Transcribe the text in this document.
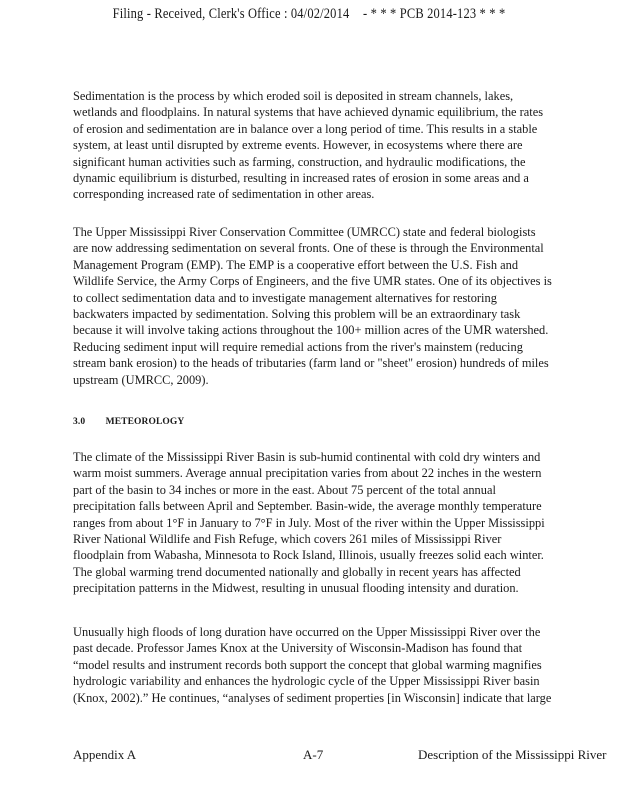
Filing - Received, Clerk's Office : 04/02/2014 - * * * PCB 2014-123 * * *

Sedimentation is the process by which eroded soil is deposited in stream channels, lakes, wetlands and floodplains. In natural systems that have achieved dynamic equilibrium, the rates of erosion and sedimentation are in balance over a long period of time. This results in a stable system, at least until disrupted by extreme events. However, in ecosystems where there are significant human activities such as farming, construction, and hydraulic modifications, the dynamic equilibrium is disturbed, resulting in increased rates of erosion in some areas and a corresponding increased rate of sedimentation in other areas.

The Upper Mississippi River Conservation Committee (UMRCC) state and federal biologists are now addressing sedimentation on several fronts. One of these is through the Environmental Management Program (EMP). The EMP is a cooperative effort between the U.S. Fish and Wildlife Service, the Army Corps of Engineers, and the five UMR states. One of its objectives is to collect sedimentation data and to investigate management alternatives for restoring backwaters impacted by sedimentation. Solving this problem will be an extraordinary task because it will involve taking actions throughout the 100+ million acres of the UMR watershed. Reducing sediment input will require remedial actions from the river's mainstem (reducing stream bank erosion) to the heads of tributaries (farm land or "sheet" erosion) hundreds of miles upstream (UMRCC, 2009).

3.0 METEOROLOGY

The climate of the Mississippi River Basin is sub-humid continental with cold dry winters and warm moist summers. Average annual precipitation varies from about 22 inches in the western part of the basin to 34 inches or more in the east. About 75 percent of the total annual precipitation falls between April and September. Basin-wide, the average monthly temperature ranges from about 1°F in January to 7°F in July. Most of the river within the Upper Mississippi River National Wildlife and Fish Refuge, which covers 261 miles of Mississippi River floodplain from Wabasha, Minnesota to Rock Island, Illinois, usually freezes solid each winter. The global warming trend documented nationally and globally in recent years has affected precipitation patterns in the Midwest, resulting in unusual flooding intensity and duration.

Unusually high floods of long duration have occurred on the Upper Mississippi River over the past decade. Professor James Knox at the University of Wisconsin-Madison has found that “model results and instrument records both support the concept that global warming magnifies hydrologic variability and enhances the hydrologic cycle of the Upper Mississippi River basin (Knox, 2002).” He continues, “analyses of sediment properties [in Wisconsin] indicate that large

Appendix A	A-7	Description of the Mississippi River
